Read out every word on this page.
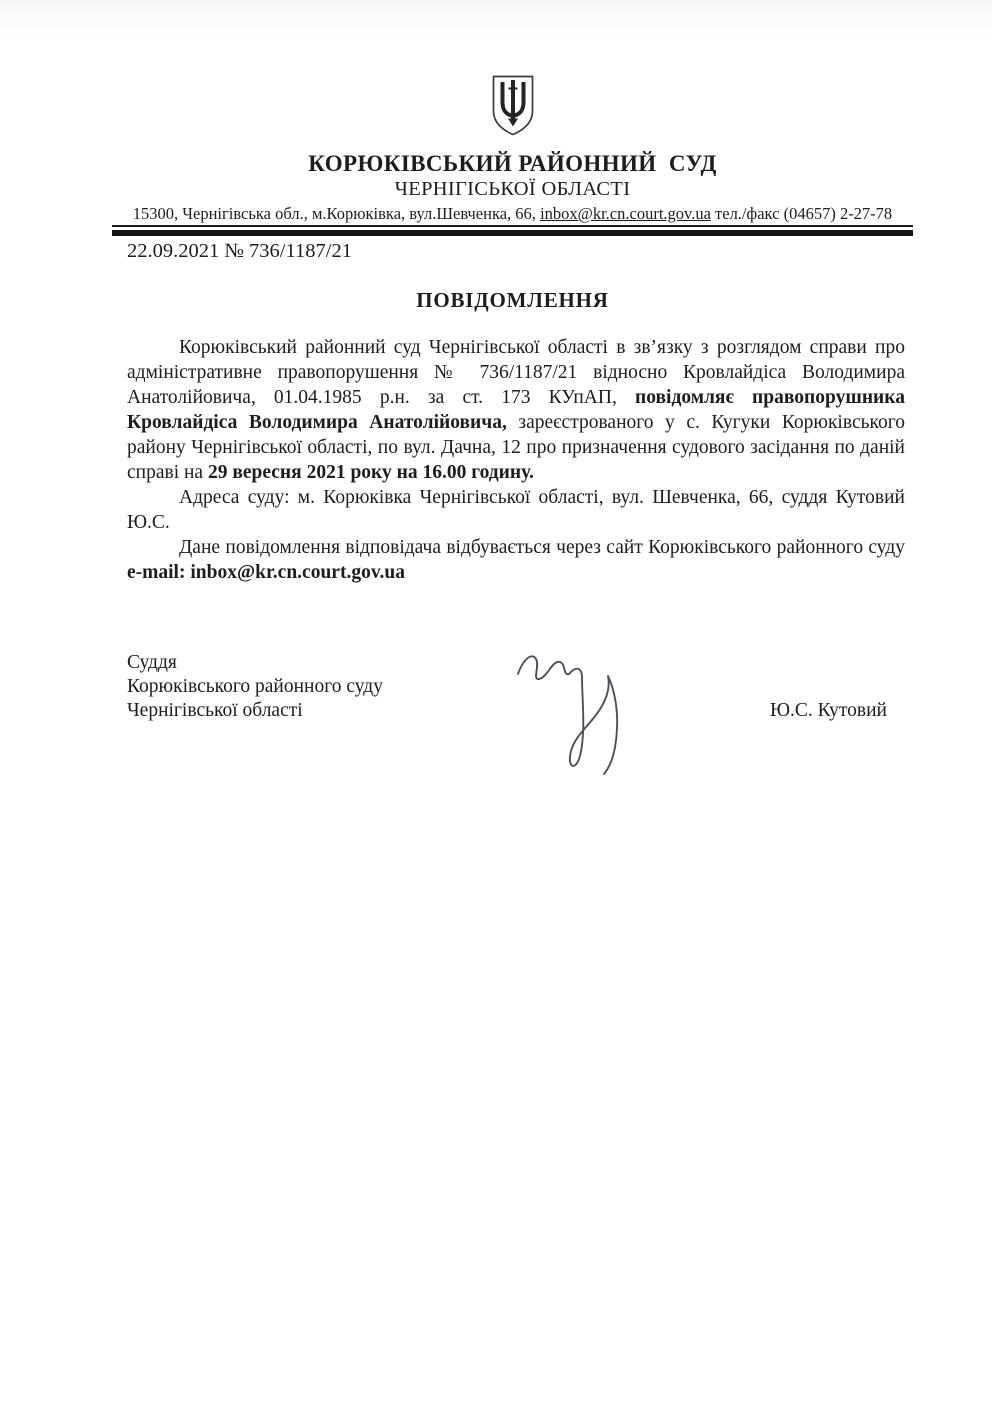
КОРЮКІВСЬКИЙ РАЙОННИЙ  СУД
ЧЕРНІГІСЬКОЇ ОБЛАСТІ
15300, Чернігівська обл., м.Корюківка, вул.Шевченка, 66, inbox@kr.cn.court.gov.ua тел./факс (04657) 2-27-78
22.09.2021 № 736/1187/21
ПОВІДОМЛЕННЯ

Корюківський районний суд Чернігівської області в зв’язку з розглядом справи про адміністративне правопорушення № 736/1187/21 відносно Кровлайдіса Володимира Анатолійовича, 01.04.1985 р.н. за ст. 173 КУпАП, повідомляє правопорушника Кровлайдіса Володимира Анатолійовича, зареєстрованого у с. Кугуки Корюківського району Чернігівської області, по вул. Дачна, 12 про призначення судового засідання по даній справі на 29 вересня 2021 року на 16.00 годину.

Адреса суду: м. Корюківка Чернігівської області, вул. Шевченка, 66, суддя Кутовий Ю.С.

Дане повідомлення відповідача відбувається через сайт Корюківського районного суду e-mail: inbox@kr.cn.court.gov.ua

Суддя
Корюківського районного суду
Чернігівської області	Ю.С. Кутовий
